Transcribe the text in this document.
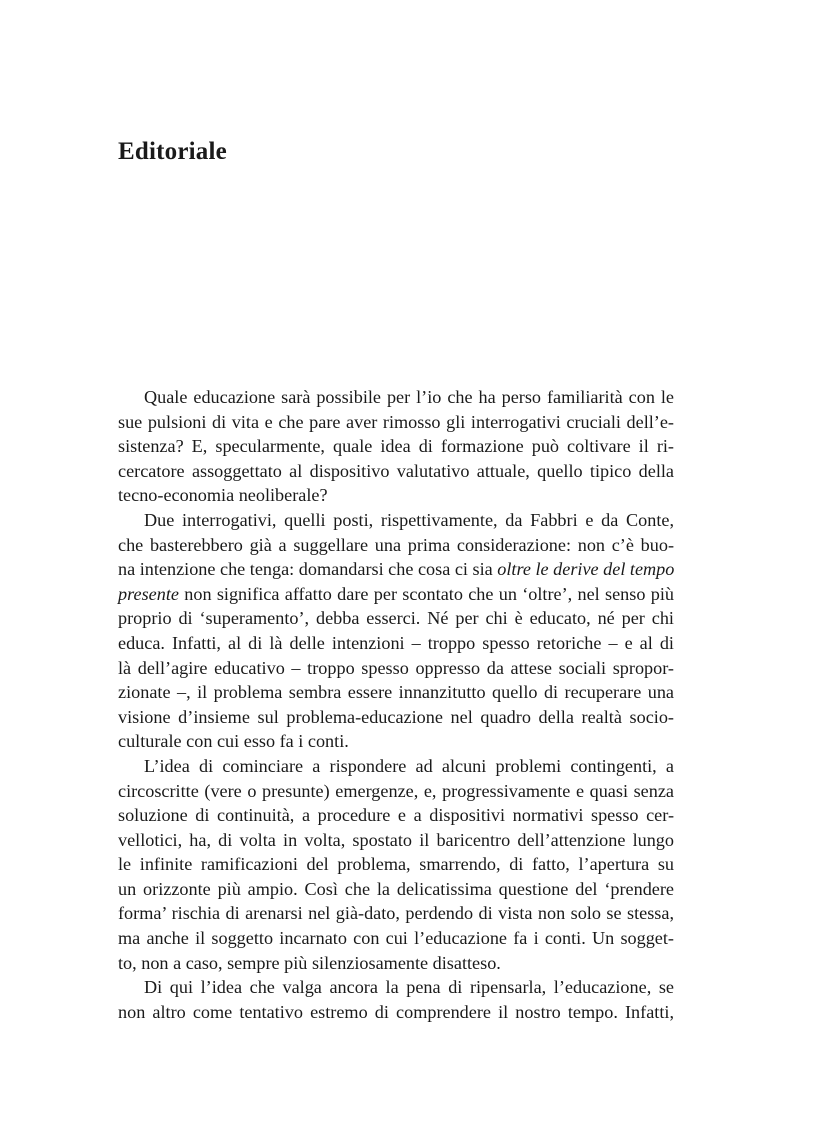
Editoriale

Quale educazione sarà possibile per l’io che ha perso familiarità con le
sue pulsioni di vita e che pare aver rimosso gli interrogativi cruciali dell’e-
sistenza? E, specularmente, quale idea di formazione può coltivare il ri-
cercatore assoggettato al dispositivo valutativo attuale, quello tipico della
tecno-economia neoliberale?

Due interrogativi, quelli posti, rispettivamente, da Fabbri e da Conte,
che basterebbero già a suggellare una prima considerazione: non c’è buo-
na intenzione che tenga: domandarsi che cosa ci sia oltre le derive del tempo
presente non significa affatto dare per scontato che un ‘oltre’, nel senso più
proprio di ‘superamento’, debba esserci. Né per chi è educato, né per chi
educa. Infatti, al di là delle intenzioni – troppo spesso retoriche – e al di
là dell’agire educativo – troppo spesso oppresso da attese sociali spropor-
zionate –, il problema sembra essere innanzitutto quello di recuperare una
visione d’insieme sul problema-educazione nel quadro della realtà socio-
culturale con cui esso fa i conti.

L’idea di cominciare a rispondere ad alcuni problemi contingenti, a
circoscritte (vere o presunte) emergenze, e, progressivamente e quasi senza
soluzione di continuità, a procedure e a dispositivi normativi spesso cer-
vellotici, ha, di volta in volta, spostato il baricentro dell’attenzione lungo
le infinite ramificazioni del problema, smarrendo, di fatto, l’apertura su
un orizzonte più ampio. Così che la delicatissima questione del ‘prendere
forma’ rischia di arenarsi nel già-dato, perdendo di vista non solo se stessa,
ma anche il soggetto incarnato con cui l’educazione fa i conti. Un sogget-
to, non a caso, sempre più silenziosamente disatteso.

Di qui l’idea che valga ancora la pena di ripensarla, l’educazione, se
non altro come tentativo estremo di comprendere il nostro tempo. Infatti,
